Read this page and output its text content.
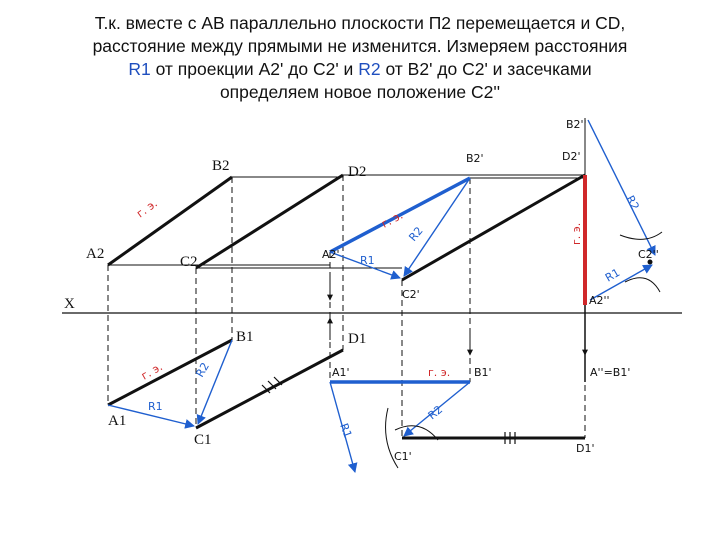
Т.к. вместе с АВ параллельно плоскости П2 перемещается и CD,
расстояние между прямыми не изменится. Измеряем расстояния
R1 от проекции А2' до С2' и R2 от В2' до С2' и засечками
определяем новое положение С2''
X
A2
B2
C2
D2
A1
B1
C1
D1
A2'
B2'
C2'
D2'
A1'	B1'
C1'
D1'
B2''
C2''
A2''
A''=B1'
г. э.	г. э.
г. э.	г. э.
г. э.
R1
R2
R1
R2
R2
R1
R1
R2
